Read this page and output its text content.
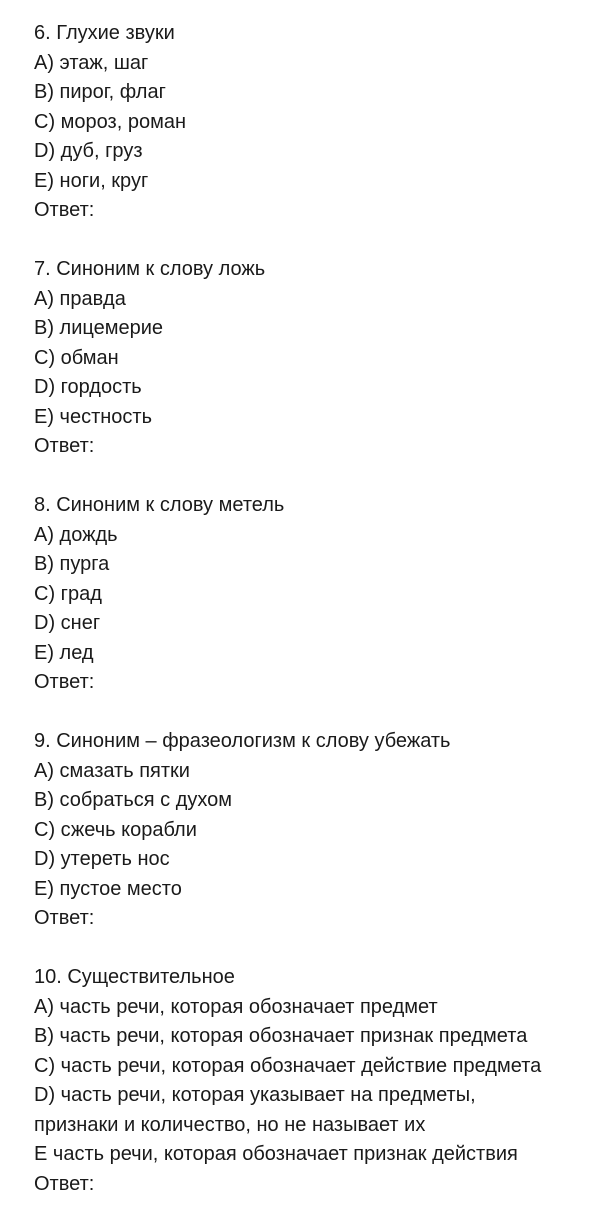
6. Глухие звуки
A) этаж, шаг
B) пирог, флаг
C) мороз, роман
D) дуб, груз
E) ноги, круг
Ответ:
7. Синоним к слову ложь
A) правда
B) лицемерие
C) обман
D) гордость
E) честность
Ответ:
8. Синоним к слову метель
A) дождь
B) пурга
C) град
D) снег
E) лед
Ответ:
9. Синоним – фразеологизм к слову убежать
A) смазать пятки
B) собраться с духом
C) сжечь корабли
D) утереть нос
E) пустое место
Ответ:
10. Существительное
A) часть речи, которая обозначает предмет
B) часть речи, которая обозначает признак предмета
C) часть речи, которая обозначает действие предмета
D) часть речи, которая указывает на предметы,
признаки и количество, но не называет их
E часть речи, которая обозначает признак действия
Ответ:
